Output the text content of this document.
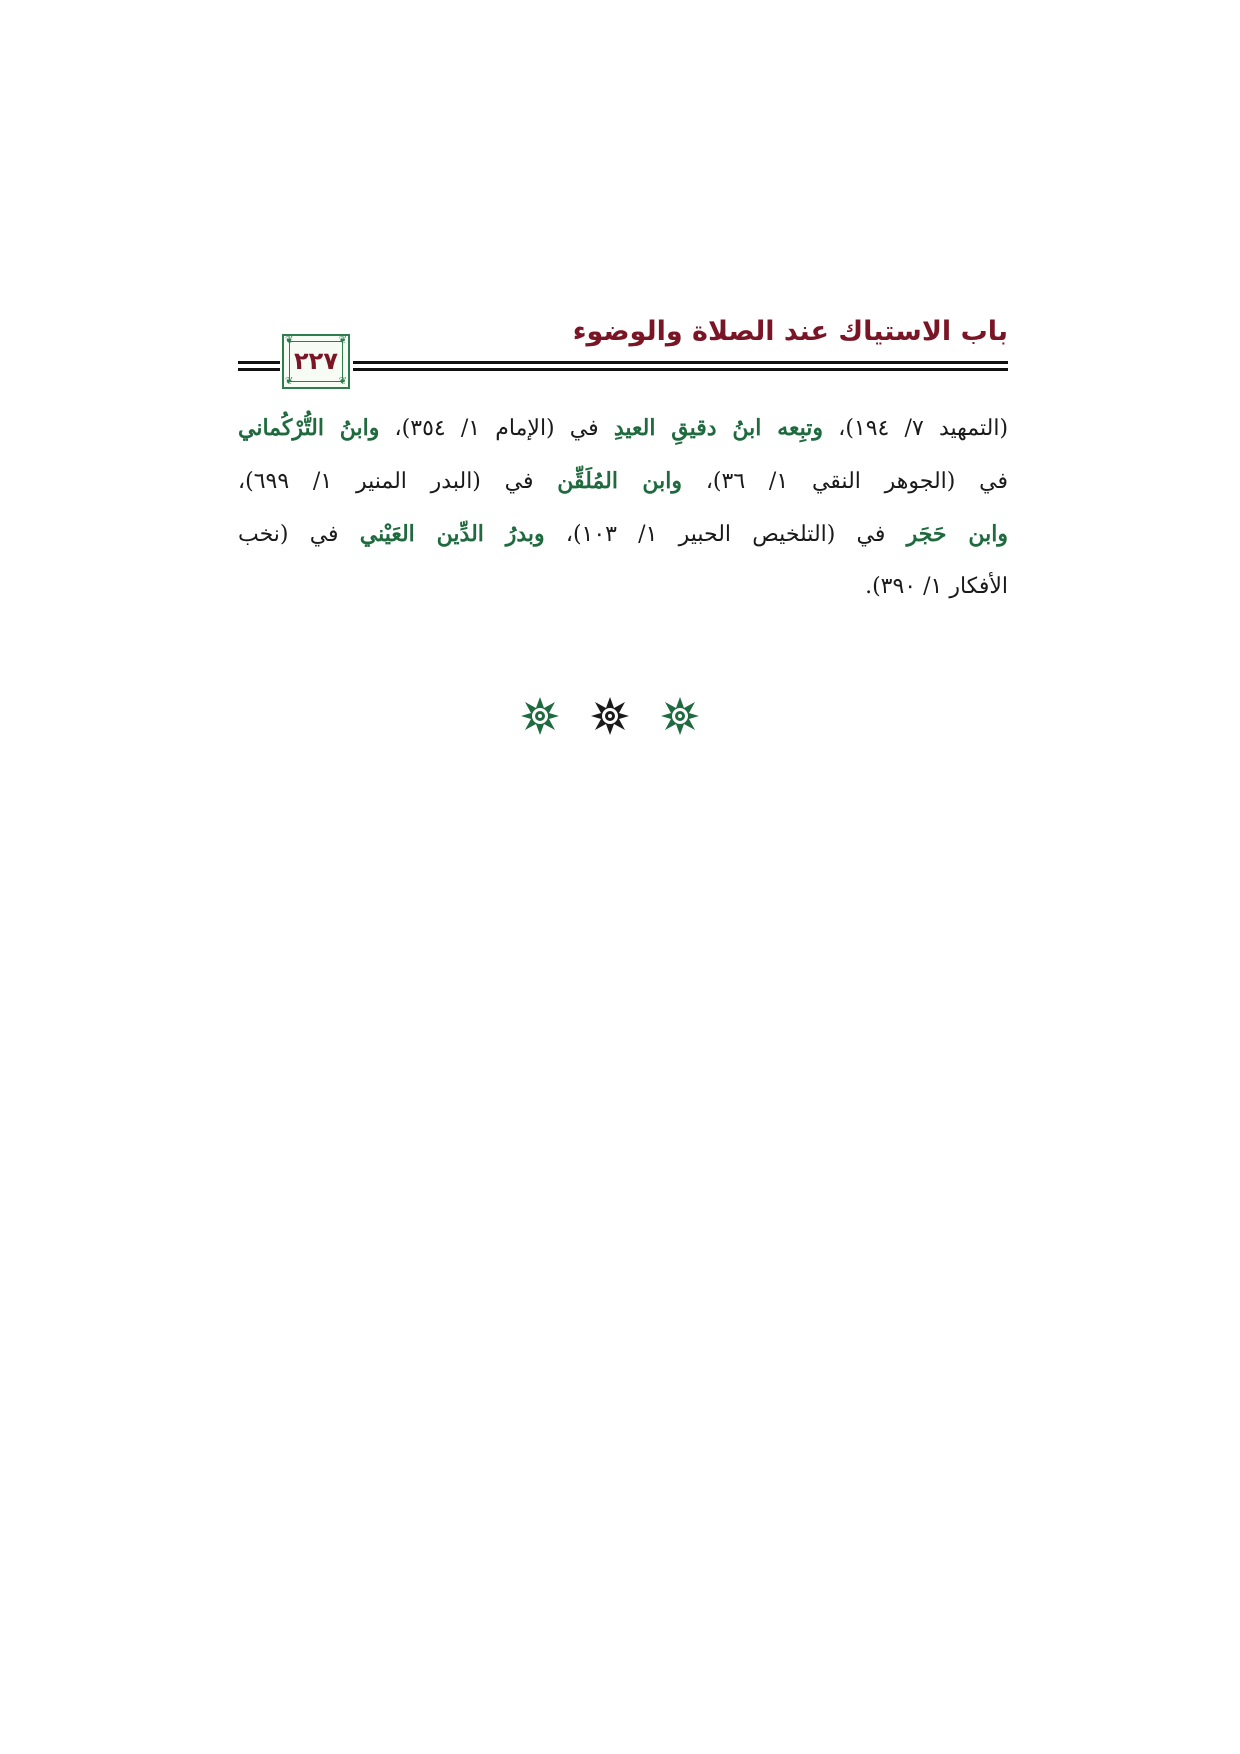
باب الاستياك عند الصلاة والوضوء
❦	❦
❦	❦
٢٢٧
(التمهيد ٧/ ١٩٤)، وتبِعه ابنُ دقيقِ العيدِ في (الإمام ١/ ٣٥٤)، وابنُ التُّرْكُماني
في (الجوهر النقي ١/ ٣٦)، وابن المُلَقِّن في (البدر المنير ١/ ٦٩٩)،
وابن حَجَر في (التلخيص الحبير ١/ ١٠٣)، وبدرُ الدِّين العَيْني في (نخب
الأفكار ١/ ٣٩٠).
